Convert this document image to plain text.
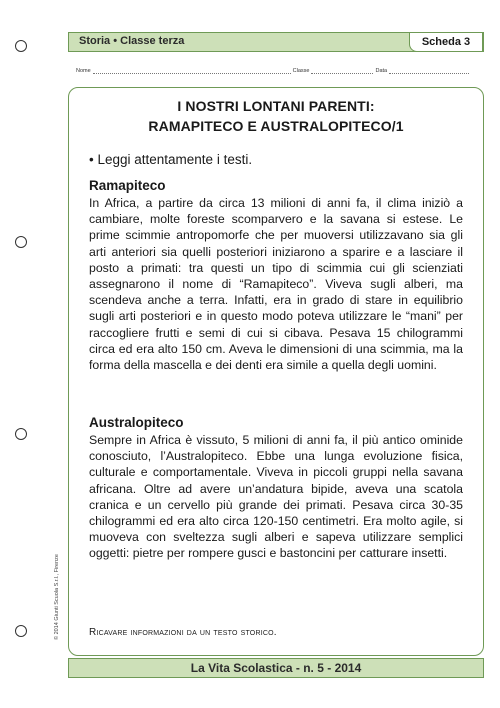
Storia • Classe terza	Scheda 3
Nome	Classe	Data
I NOSTRI LONTANI PARENTI:
RAMAPITECO E AUSTRALOPITECO/1
• Leggi attentamente i testi.
Ramapiteco
In Africa, a partire da circa 13 milioni di anni fa, il clima iniziò a cambiare, molte foreste scomparvero e la savana si estese. Le prime scimmie antropomorfe che per muoversi utilizzavano sia gli arti anteriori sia quelli posteriori iniziarono a sparire e a lasciare il posto a primati: tra questi un tipo di scimmia cui gli scienziati assegnarono il nome di “Ramapiteco”. Viveva sugli alberi, ma scendeva anche a terra. Infatti, era in grado di stare in equilibrio sugli arti posteriori e in questo modo poteva utilizzare le “mani” per raccogliere frutti e semi di cui si cibava. Pesava 15 chilogrammi circa ed era alto 150 cm. Aveva le dimensioni di una scimmia, ma la forma della mascella e dei denti era simile a quella degli uomini.
Australopiteco
Sempre in Africa è vissuto, 5 milioni di anni fa, il più antico ominide conosciuto, l’Australopiteco. Ebbe una lunga evoluzione fisica, culturale e comportamentale. Viveva in piccoli gruppi nella savana africana. Oltre ad avere un’andatura bipide, aveva una scatola cranica e un cervello più grande dei primati. Pesava circa 30-35 chilogrammi ed era alto circa 120-150 centimetri. Era molto agile, si muoveva con sveltezza sugli alberi e sapeva utilizzare semplici oggetti: pietre per rompere gusci e bastoncini per catturare insetti.
Ricavare informazioni da un testo storico.
La Vita Scolastica - n. 5 - 2014
© 2014 Giunti Scuola S.r.l., Firenze
